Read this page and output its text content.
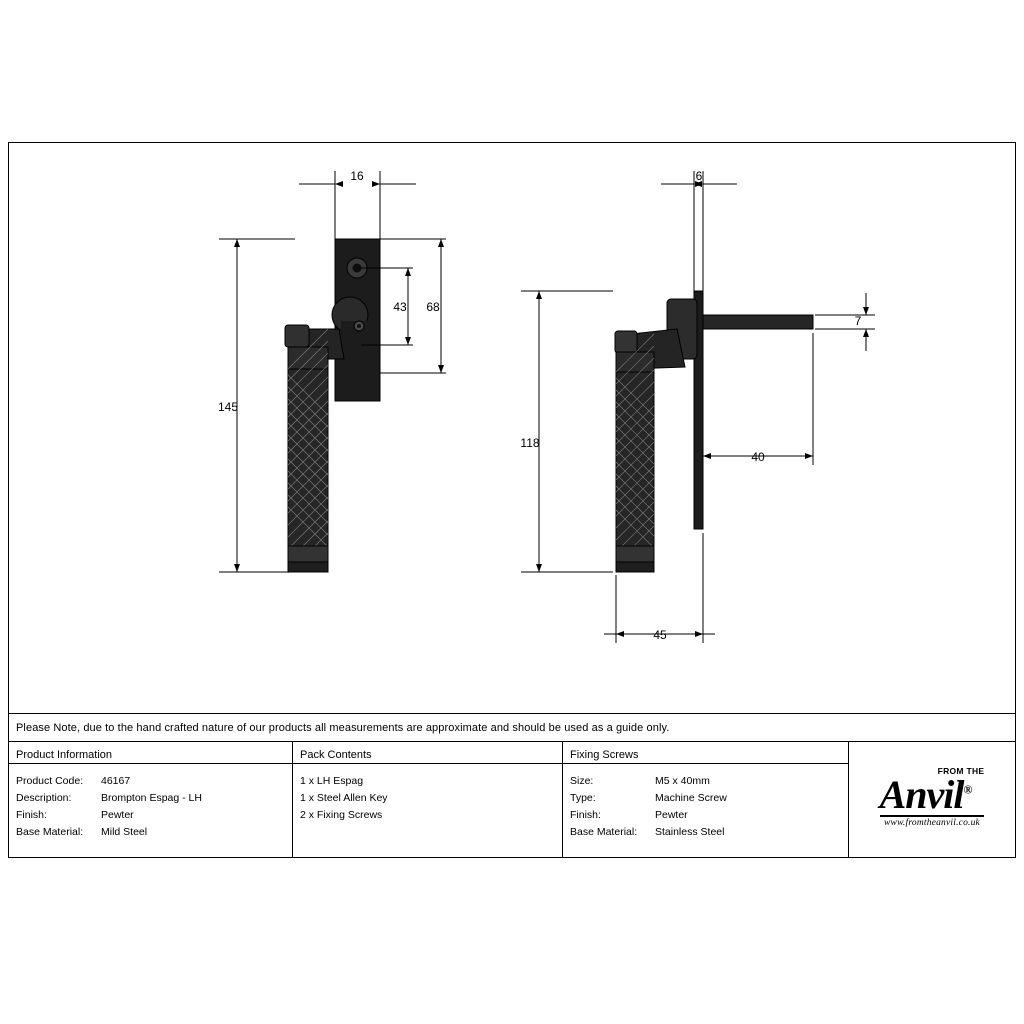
16
43 68
145
6
7
40
118
45
Please Note, due to the hand crafted nature of our products all measurements are approximate and should be used as a guide only.
Product Information
Product Code:	46167
Description:	Brompton Espag - LH
Finish:	Pewter
Base Material:	Mild Steel
Pack Contents
1 x LH Espag
1 x Steel Allen Key
2 x Fixing Screws
Fixing Screws
Size:	M5 x 40mm
Type:	Machine Screw
Finish:	Pewter
Base Material:	Stainless Steel
FROM THE
Anvil®
www.fromtheanvil.co.uk
